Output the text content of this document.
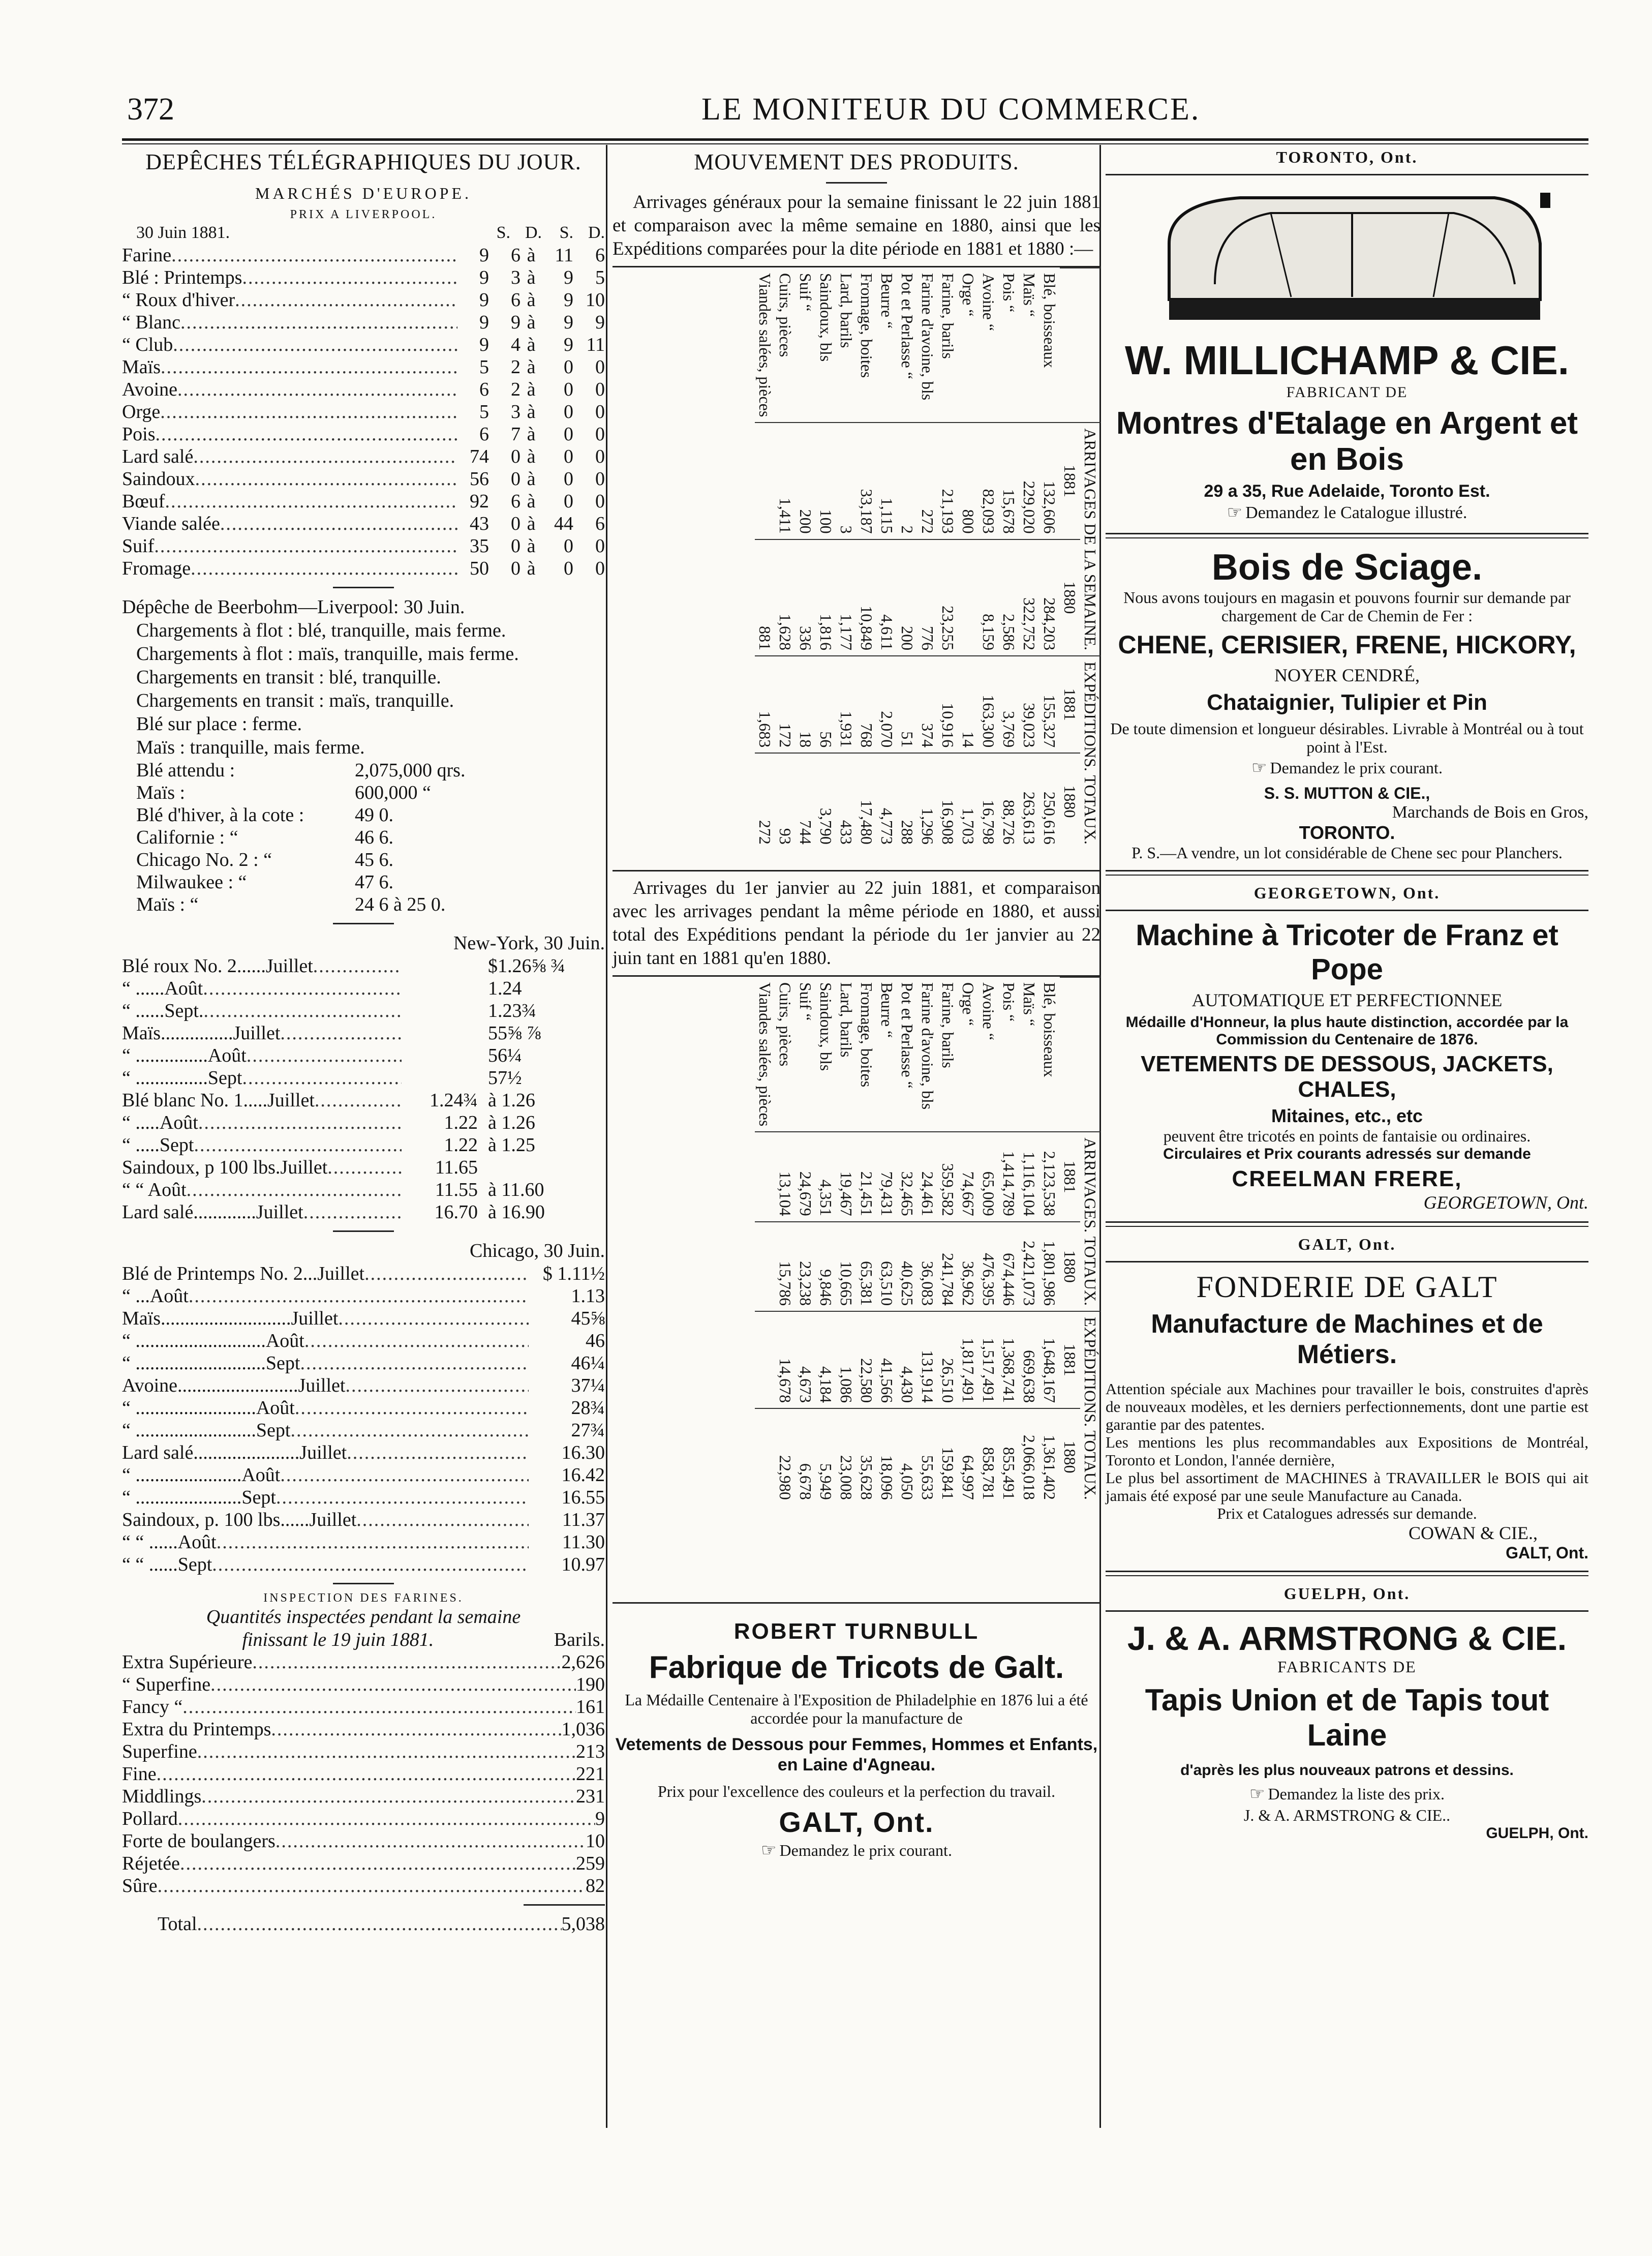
372	LE MONITEUR DU COMMERCE.
DEPÊCHES TÉLÉGRAPHIQUES DU JOUR.
MARCHÉS D'EUROPE.
PRIX A LIVERPOOL.
30 Juin 1881.	S. D.	S. D.
Farine .....	9	6 à 11	6
Blé : Printemps .....	9	3 à	9	5
“ Roux d'hiver .....	9	6 à	9 10
“ Blanc .....	9	9 à	9	9
“ Club .....	9	4 à	9 11
Maïs .....	5	2 à	0	0
Avoine .....	6	2 à	0	0
Orge .....	5	3 à	0	0
Pois .....	6	7 à	0	0
Lard salé .....	74	0 à	0	0
Saindoux .....	56	0 à	0	0
Bœuf .....	92	6 à	0	0
Viande salée .....	43	0 à 44	6
Suif .....	35	0 à	0	0
Fromage .....	50	0 à	0	0

Dépêche de Beerbohm—Liverpool: 30 Juin.

Chargements à flot : blé, tranquille, mais ferme.

Chargements à flot : maïs, tranquille, mais ferme.

Chargements en transit : blé, tranquille.

Chargements en transit : maïs, tranquille.

Blé sur place : ferme.

Maïs : tranquille, mais ferme.

Blé attendu :	2,075,000 qrs.
Maïs :	600,000 “
Blé d'hiver, à la cote :	49 0.
Californie : “	46 6.
Chicago No. 2 : “	45 6.
Milwaukee : “	47 6.
Maïs : “	24 6 à 25 0.

New-York, 30 Juin.

Blé roux No. 2......Juillet .....	$1.26⅝ ¾
“ ......Août .....	1.24
“ ......Sept. .....	1.23¾
Maïs...............Juillet .....	55⅝ ⅞
“ ...............Août .....	56¼
“ ...............Sept .....	57½
Blé blanc No. 1.....Juillet .....	1.24¾ à 1.26
“ .....Août .....	1.22 à 1.26
“ .....Sept .....	1.22 à 1.25
Saindoux, p 100 lbs.Juillet .....	11.65
“ “ Août .....	11.55 à 11.60
Lard salé.............Juillet .....	16.70 à 16.90

Chicago, 30 Juin.

Blé de Printemps No. 2...Juillet .....	$ 1.11½
“ ...Août .....	1.13
Maïs...........................Juillet .....	45⅝
“ ...........................Août .....	46
“ ...........................Sept .....	46¼
Avoine.........................Juillet .....	37¼
“ .........................Août .....	28¾
“ .........................Sept .....	27¾
Lard salé......................Juillet .....	16.30
“ ......................Août .....	16.42
“ ......................Sept .....	16.55
Saindoux, p. 100 lbs......Juillet .....	11.37
“ “ ......Août .....	11.30
“ “ ......Sept .....	10.97
INSPECTION DES FARINES.

Quantités inspectées pendant la semaine

finissant le 19 juin 1881.	Barils.
Extra Supérieure .....	2,626
“ Superfine .....	190
Fancy “ .....	161
Extra du Printemps .....	1,036
Superfine .....	213
Fine .....	221
Middlings .....	231
Pollard .....	9
Forte de boulangers .....	10
Réjetée .....	259
Sûre .....	82
Total .....	5,038
MOUVEMENT DES PRODUITS.

Arrivages généraux pour la semaine finissant le 22 juin 1881 et comparaison avec la même semaine en 1880, ainsi que les Expéditions comparées pour la dite période en 1881 et 1880 :—

	ARRIVAGES DE LA SEMAINE.		EXPÉDITIONS. TOTAUX.	
	1881	1880	1881	1880
Blé, boisseaux	132,606	284,203	155,327	250,616
Maïs “	229,020	322,752	39,023	263,613
Pois “	15,678	2,586	3,769	88,726
Avoine “	82,093	8,159	163,300	16,798
Orge “	800		14	1,703
Farine, barils	21,193	23,255	10,916	16,908
Farine d'avoine, bls	272	776	374	1,296
Pot et Perlasse “	2	200	51	288
Beurre “	1,115	4,611	2,070	4,773
Fromage, boites	33,187	10,849	768	17,480
Lard, barils	3	1,177	1,931	433
Saindoux, bls	100	1,816	56	3,790
Suif “	200	336	18	744
Cuirs, pièces	1,411	1,628	172	93
Viandes salées, pièces		881	1,683	272

Arrivages du 1er janvier au 22 juin 1881, et comparaison avec les arrivages pendant la même période en 1880, et aussi total des Expéditions pendant la période du 1er janvier au 22 juin tant en 1881 qu'en 1880.

	ARRIVAGES. TOTAUX.		EXPÉDITIONS. TOTAUX.	
	1881	1880	1881	1880
Blé, boisseaux	2,123,538	1,801,986	1,648,167	1,361,402
Maïs “	1,116,104	2,421,073	669,638	2,066,018
Pois “	1,414,789	674,446	1,368,741	855,491
Avoine “	65,009	476,395	1,517,491	858,781
Orge “	74,667	36,962	1,817,491	64,997
Farine, barils	359,582	241,784	26,510	159,841
Farine d'avoine, bls	24,461	36,083	131,914	55,633
Pot et Perlasse “	32,465	40,625	4,430	4,050
Beurre “	79,431	63,510	41,566	18,096
Fromage, boites	21,451	65,381	22,580	35,628
Lard, barils	19,467	10,665	1,086	23,008
Saindoux, bls	4,351	9,846	4,184	5,949
Suif “	24,679	23,238	4,673	6,678
Cuirs, pièces	13,104	15,786	14,678	22,980
Viandes salées, pièces				
ROBERT TURNBULL
Fabrique de Tricots de Galt.

La Médaille Centenaire à l'Exposition de Philadelphie en 1876 lui a été accordée pour la manufacture de

Vetements de Dessous pour Femmes, Hommes et Enfants, en Laine d'Agneau.

Prix pour l'excellence des couleurs et la perfection du travail.

GALT, Ont.

☞ Demandez le prix courant.

TORONTO, Ont.
W. MILLICHAMP & CIE.
FABRICANT DE
Montres d'Etalage en Argent et en Bois
29 a 35, Rue Adelaide, Toronto Est.

☞ Demandez le Catalogue illustré.

Bois de Sciage.

Nous avons toujours en magasin et pouvons fournir sur demande par chargement de Car de Chemin de Fer :

CHENE, CERISIER, FRENE, HICKORY,
NOYER CENDRÉ,
Chataignier, Tulipier et Pin

De toute dimension et longueur désirables. Livrable à Montréal ou à tout point à l'Est.

☞ Demandez le prix courant.

S. S. MUTTON & CIE.,
Marchands de Bois en Gros,
TORONTO.

P. S.—A vendre, un lot considérable de Chene sec pour Planchers.

GEORGETOWN, Ont.
Machine à Tricoter de Franz et Pope
AUTOMATIQUE ET PERFECTIONNEE

Médaille d'Honneur, la plus haute distinction, accordée par la Commission du Centenaire de 1876.

VETEMENTS DE DESSOUS, JACKETS, CHALES,
Mitaines, etc., etc

peuvent être tricotés en points de fantaisie ou ordinaires.

Circulaires et Prix courants adressés sur demande

CREELMAN FRERE,
GEORGETOWN, Ont.
GALT, Ont.
FONDERIE DE GALT
Manufacture de Machines et de Métiers.

Attention spéciale aux Machines pour travailler le bois, construites d'après de nouveaux modèles, et les derniers perfectionnements, dont une partie est garantie par des patentes.

Les mentions les plus recommandables aux Expositions de Montréal, Toronto et London, l'année dernière,

Le plus bel assortiment de MACHINES à TRAVAILLER le BOIS qui ait jamais été exposé par une seule Manufacture au Canada.

Prix et Catalogues adressés sur demande.

COWAN & CIE.,
GALT, Ont.
GUELPH, Ont.
J. & A. ARMSTRONG & CIE.
FABRICANTS DE
Tapis Union et de Tapis tout Laine

d'après les plus nouveaux patrons et dessins.

☞ Demandez la liste des prix.

J. & A. ARMSTRONG & CIE..
GUELPH, Ont.
